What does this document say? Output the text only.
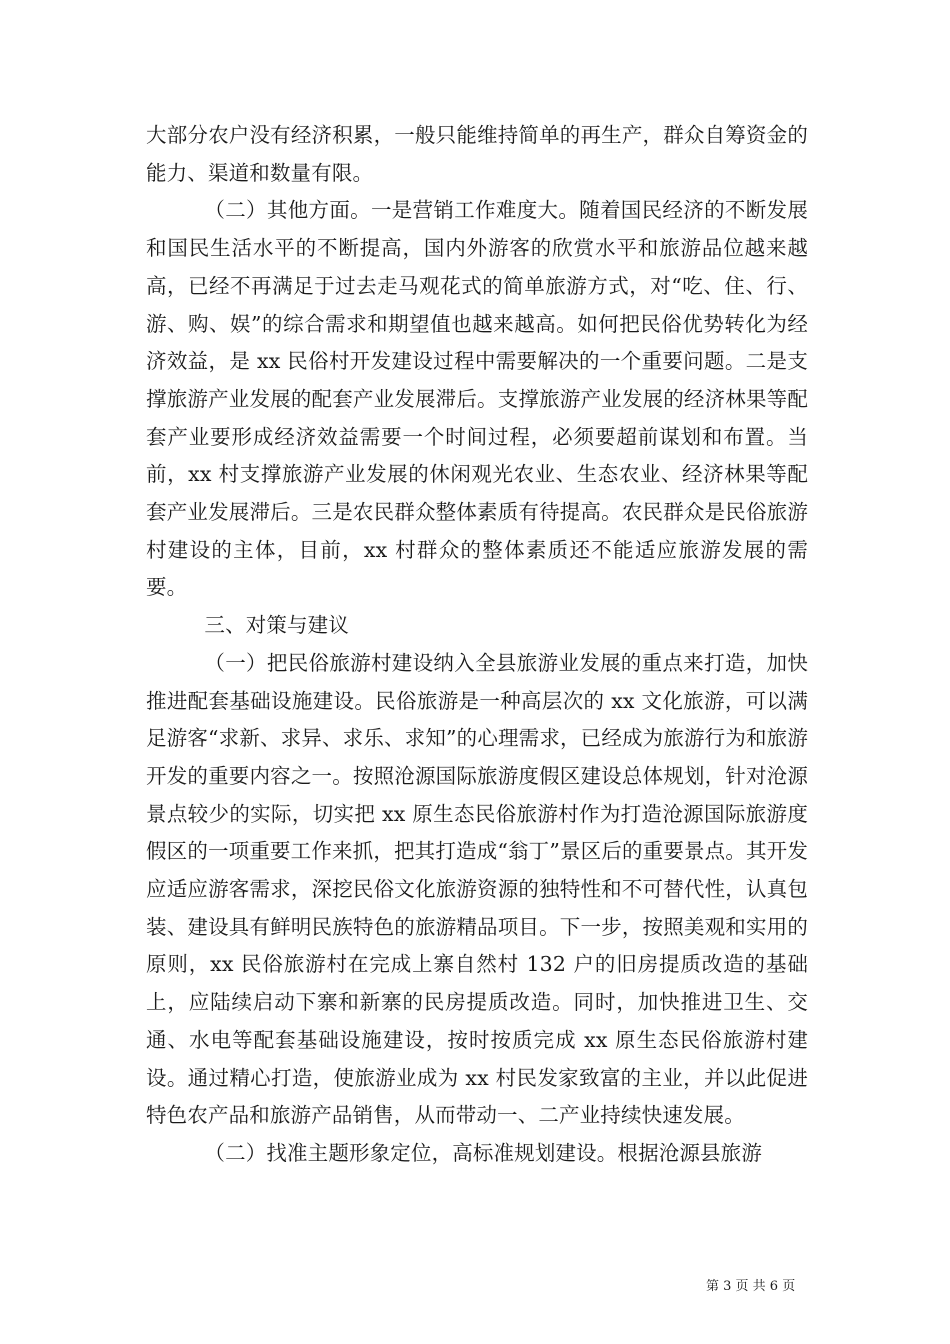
大部分农户没有经济积累，一般只能维持简单的再生产，群众自筹资金的能力、渠道和数量有限。

（二）其他方面。一是营销工作难度大。随着国民经济的不断发展和国民生活水平的不断提高，国内外游客的欣赏水平和旅游品位越来越高，已经不再满足于过去走马观花式的简单旅游方式，对“吃、住、行、游、购、娱”的综合需求和期望值也越来越高。如何把民俗优势转化为经济效益，是 xx 民俗村开发建设过程中需要解决的一个重要问题。二是支撑旅游产业发展的配套产业发展滞后。支撑旅游产业发展的经济林果等配套产业要形成经济效益需要一个时间过程，必须要超前谋划和布置。当前，xx 村支撑旅游产业发展的休闲观光农业、生态农业、经济林果等配套产业发展滞后。三是农民群众整体素质有待提高。农民群众是民俗旅游村建设的主体，目前，xx 村群众的整体素质还不能适应旅游发展的需要。

三、对策与建议

（一）把民俗旅游村建设纳入全县旅游业发展的重点来打造，加快推进配套基础设施建设。民俗旅游是一种高层次的 xx 文化旅游，可以满足游客“求新、求异、求乐、求知”的心理需求，已经成为旅游行为和旅游开发的重要内容之一。按照沧源国际旅游度假区建设总体规划，针对沧源景点较少的实际，切实把 xx 原生态民俗旅游村作为打造沧源国际旅游度假区的一项重要工作来抓，把其打造成“翁丁”景区后的重要景点。其开发应适应游客需求，深挖民俗文化旅游资源的独特性和不可替代性，认真包装、建设具有鲜明民族特色的旅游精品项目。下一步，按照美观和实用的原则，xx 民俗旅游村在完成上寨自然村 132 户的旧房提质改造的基础上，应陆续启动下寨和新寨的民房提质改造。同时，加快推进卫生、交通、水电等配套基础设施建设，按时按质完成 xx 原生态民俗旅游村建设。通过精心打造，使旅游业成为 xx 村民发家致富的主业，并以此促进特色农产品和旅游产品销售，从而带动一、二产业持续快速发展。

（二）找准主题形象定位，高标准规划建设。根据沧源县旅游

第 3 页 共 6 页
